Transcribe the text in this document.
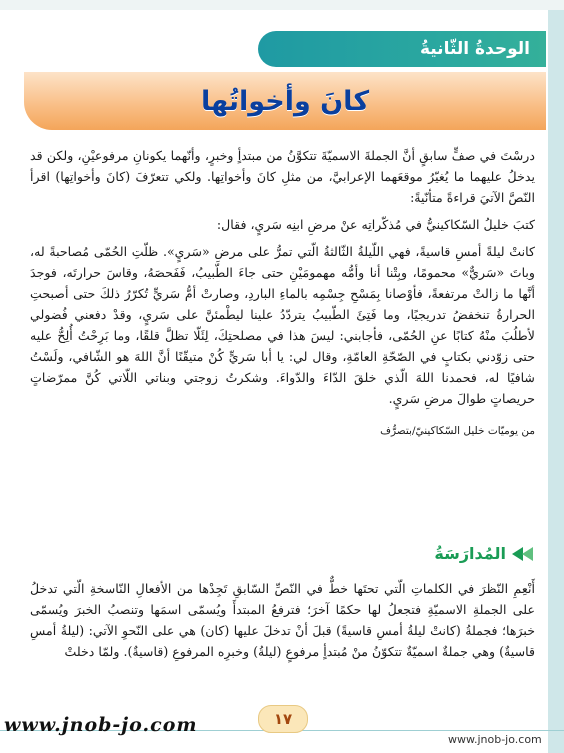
الوحدةُ الثّانيةُ
كانَ وأخواتُها

درسْتَ في صفٍّ سابقٍ أنَّ الجملةَ الاسميّةَ تتكوَّنُ من مبتدأٍ وخبرٍ، وأنّهما يكونانِ مرفوعيْنِ، ولكن قد يدخلُ عليهما ما يُغيّرُ موقعَهما الإعرابيَّ، من مثلِ كانَ وأخواتِها. ولكي تتعرّفَ (كانَ وأخواتِها) اقرأ النّصَّ الآتيَ قراءةً متأنّيةً:

كتبَ خليلُ السّكاكينيُّ في مُذكّراتِه عنْ مرضِ ابنِه سَريٍ، فقال:

كانتْ ليلةً أمسِ قاسيةً، فهي اللّيلةُ الثّالثةُ الّتي تمرُّ على مرضِ «سَريٍ». ظلّتِ الحُمّى مُصاحبةً له، وباتَ «سَريٌّ» محمومًا، وبِتْنا أنا وأمُّه مهمومَيْنِ حتى جاءَ الطّبيبُ، فَفَحصَهُ، وقاسَ حرارتَه، فوجدَ أنَّها ما زالتْ مرتفعةً، فأوْصانا بِمَسْحِ جِسْمِه بالماءِ الباردِ، وصارتْ أمُّ سَريٍّ تُكرّرُ ذلكَ حتى أصبحتِ الحرارةُ تنخفضُ تدريجيًا، وما فَتِئَ الطّبيبُ يتردّدُ علينا ليطْمئنَّ على سَريٍ، وقدْ دفعني فُضولي لأطلُبَ منْهُ كتابًا عنِ الحُمّى، فأجابني: ليسَ هذا في مصلحتِكَ، لِئَلّا تظلَّ قلقًا، وما بَرِحْتُ أُلِحُّ عليه حتى زوّدني بكتابٍ في الصّحّةِ العامّةِ، وقال لي: يا أبا سَريٍّ كُنْ متيقّنًا أنَّ اللهَ هو الشّافي، ولَسْتُ شافيًا له، فحمدنا اللهَ الّذي خلقَ الدّاءَ والدّواءَ. وشكرتُ زوجتي وبناتي اللّاتي كُنَّ ممرّضاتٍ حريصاتٍ طوالَ مرضِ سَريٍ.

من يوميّات خليل السّكاكينيّ/بتصرُّف

المُدارَسَةُ

أَنْعِمِ النّظرَ في الكلماتِ الّتي تحتَها خطٌّ في النّصِّ السّابقِ تَجِدْها من الأفعالِ النّاسخةِ الّتي تدخلُ على الجملةِ الاسميّةِ فتجعلُ لها حكمًا آخرَ؛ فترفعُ المبتدأَ ويُسمّى اسمَها وتنصبُ الخبرَ ويُسمّى خبرَها؛ فجملةُ (كانتْ ليلةُ أمسِ قاسيةً) قبلَ أنْ تدخلَ عليها (كان) هي على النّحوِ الآتي: (ليلةُ أمسِ قاسيةٌ) وهي جملةٌ اسميّةٌ تتكوّنُ منْ مُبتدأٍ مرفوعٍ (ليلةُ) وخبرِه المرفوعِ (قاسيةٌ). ولمّا دخلتْ

١٧
www.jnob-jo.com
www.jnob-jo.com
